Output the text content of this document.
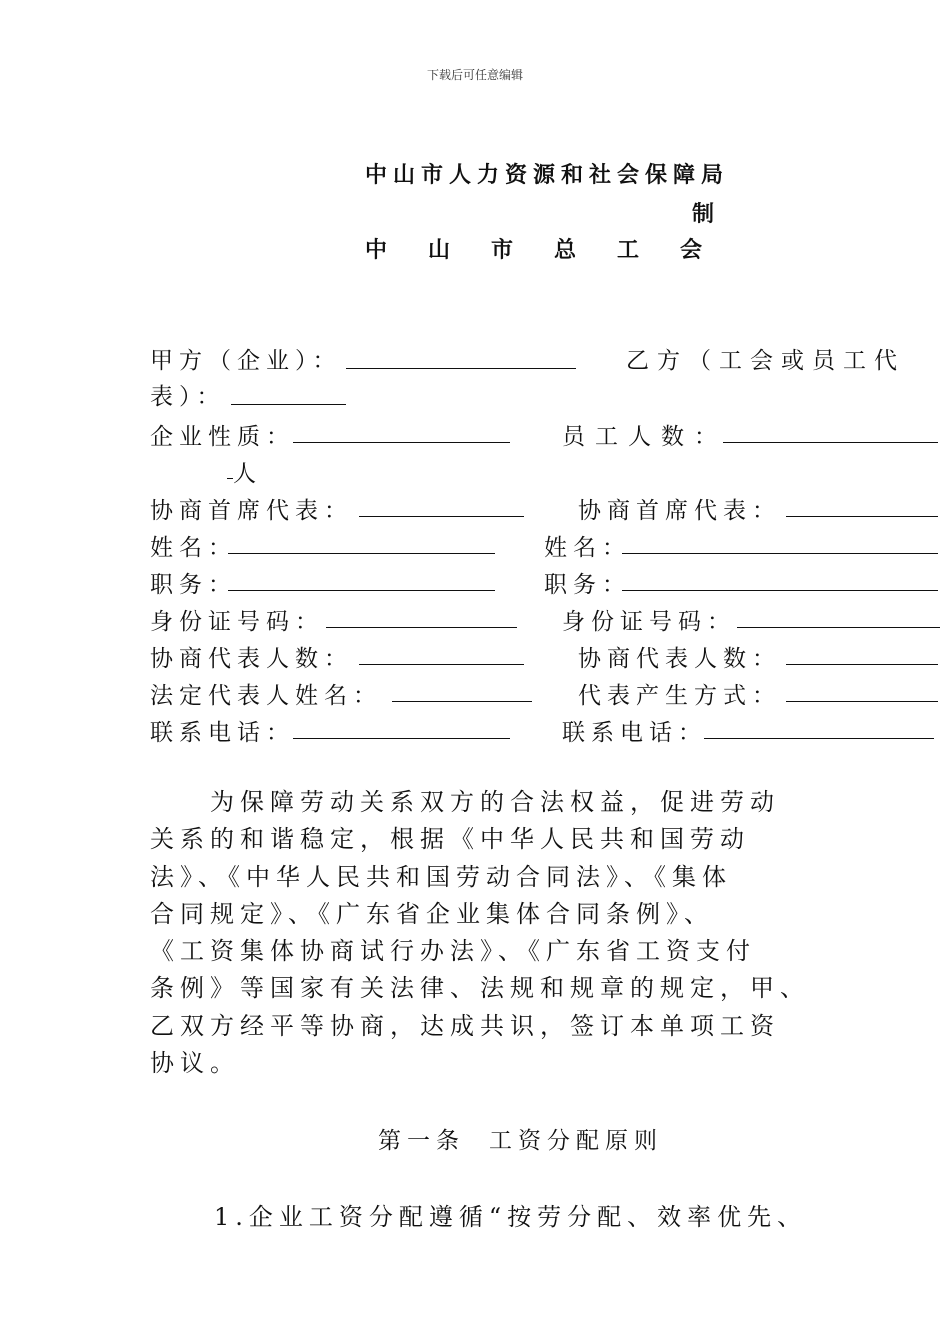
下载后可任意编辑
中山市人力资源和社会保障局
制
中山市总工会
甲方（企业）：	乙方（工会或员工代
表）：
企业性质：	员工人数：
人
协商首席代表：	协商首席代表：
姓名：	姓名：
职务：	职务：
身份证号码：	身份证号码：
协商代表人数：	协商代表人数：
法定代表人姓名：	代表产生方式：
联系电话：	联系电话：

　　为保障劳动关系双方的合法权益，促进劳动

关系的和谐稳定，根据《中华人民共和国劳动

法》、《中华人民共和国劳动合同法》、《集体

合同规定》、《广东省企业集体合同条例》、

《工资集体协商试行办法》、《广东省工资支付

条例》等国家有关法律、法规和规章的规定，甲、

乙双方经平等协商，达成共识，签订本单项工资

协议。

第一条 工资分配原则
1.企业工资分配遵循“按劳分配、效率优先、
